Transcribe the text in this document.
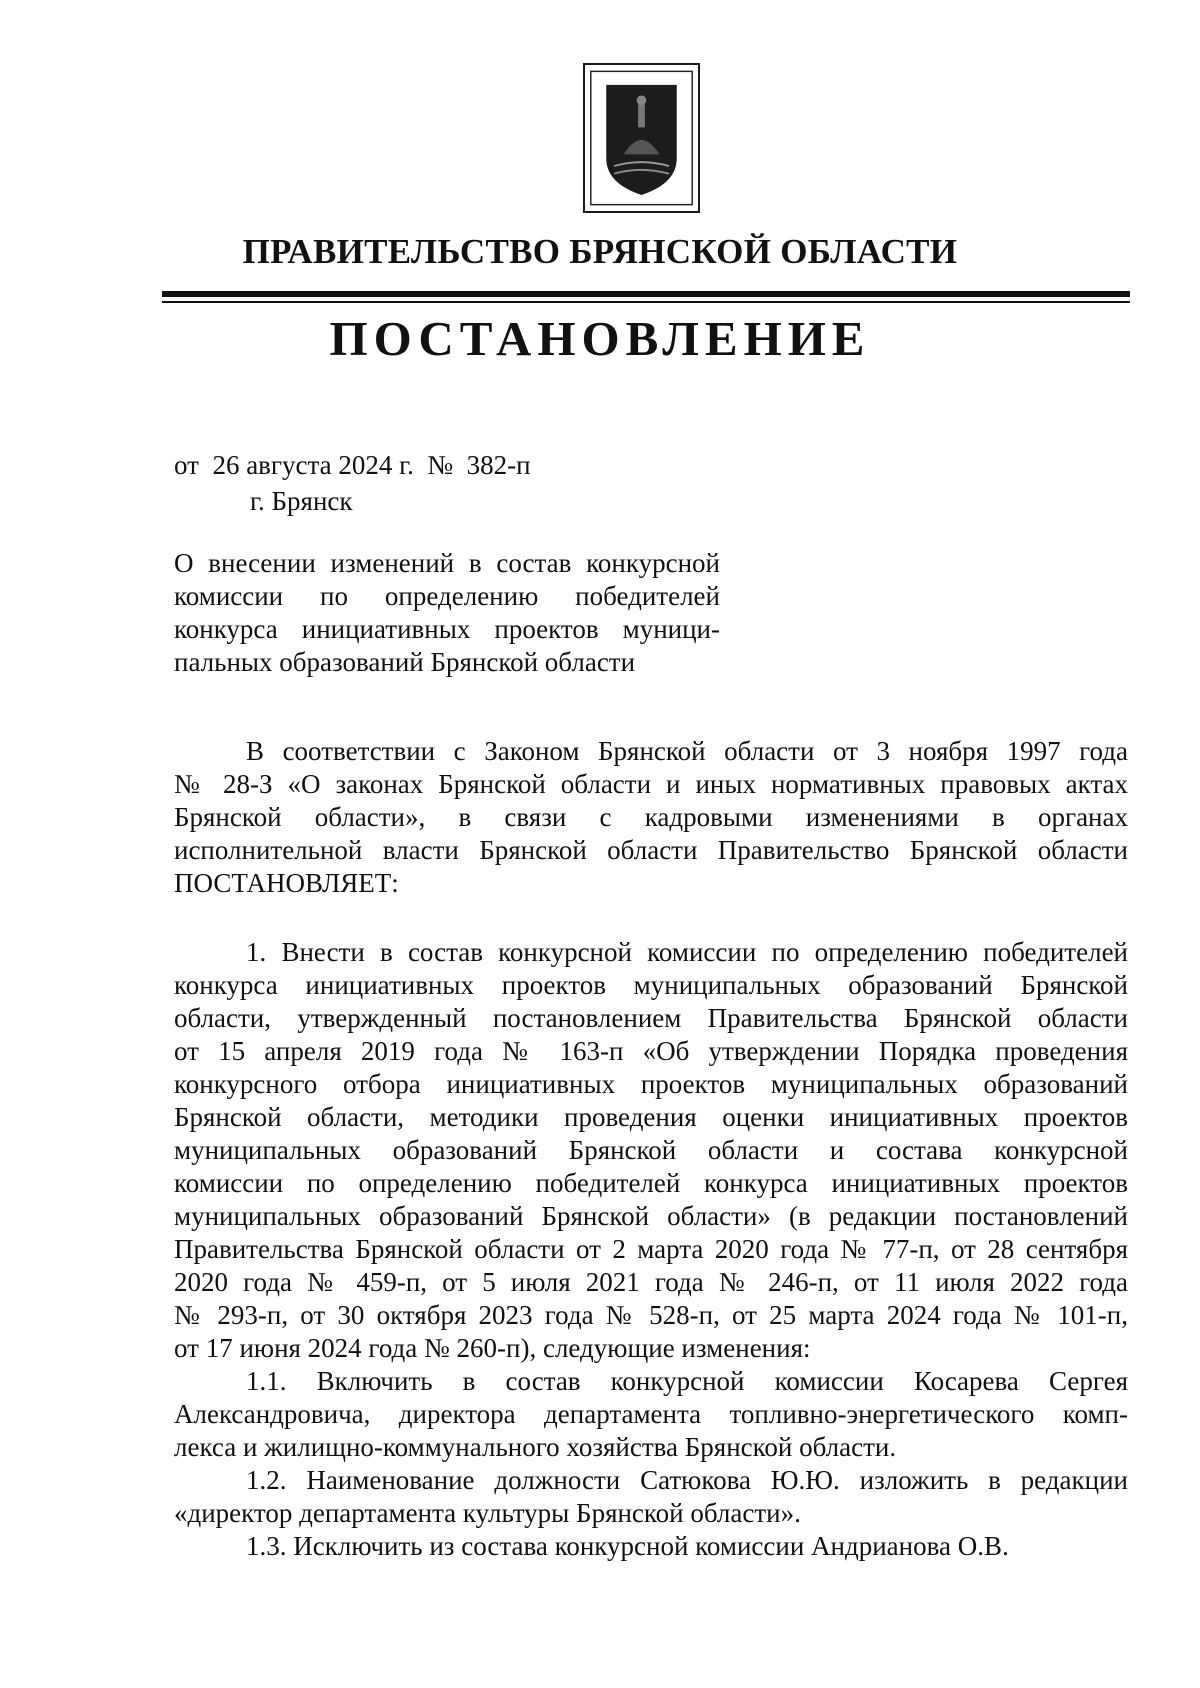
ПРАВИТЕЛЬСТВО БРЯНСКОЙ ОБЛАСТИ
ПОСТАНОВЛЕНИЕ
от  26 августа 2024 г.  №  382-п
г. Брянск
О внесении изменений в состав конкурсной
комиссии по определению победителей
конкурса инициативных проектов муници-
пальных образований Брянской области

В соответствии с Законом Брянской области от 3 ноября 1997 года
№ 28-З «О законах Брянской области и иных нормативных правовых актах
Брянской области», в связи с кадровыми изменениями в органах
исполнительной власти Брянской области Правительство Брянской области
ПОСТАНОВЛЯЕТ:

1. Внести в состав конкурсной комиссии по определению победителей
конкурса инициативных проектов муниципальных образований Брянской
области, утвержденный постановлением Правительства Брянской области
от 15 апреля 2019 года № 163-п «Об утверждении Порядка проведения
конкурсного отбора инициативных проектов муниципальных образований
Брянской области, методики проведения оценки инициативных проектов
муниципальных образований Брянской области и состава конкурсной
комиссии по определению победителей конкурса инициативных проектов
муниципальных образований Брянской области» (в редакции постановлений
Правительства Брянской области от 2 марта 2020 года № 77-п, от 28 сентября
2020 года № 459-п, от 5 июля 2021 года № 246-п, от 11 июля 2022 года
№ 293-п, от 30 октября 2023 года № 528-п, от 25 марта 2024 года № 101-п,
от 17 июня 2024 года № 260-п), следующие изменения:

1.1. Включить в состав конкурсной комиссии Косарева Сергея
Александровича, директора департамента топливно-энергетического комп-
лекса и жилищно-коммунального хозяйства Брянской области.

1.2. Наименование должности Сатюкова Ю.Ю. изложить в редакции
«директор департамента культуры Брянской области».

1.3. Исключить из состава конкурсной комиссии Андрианова О.В.
